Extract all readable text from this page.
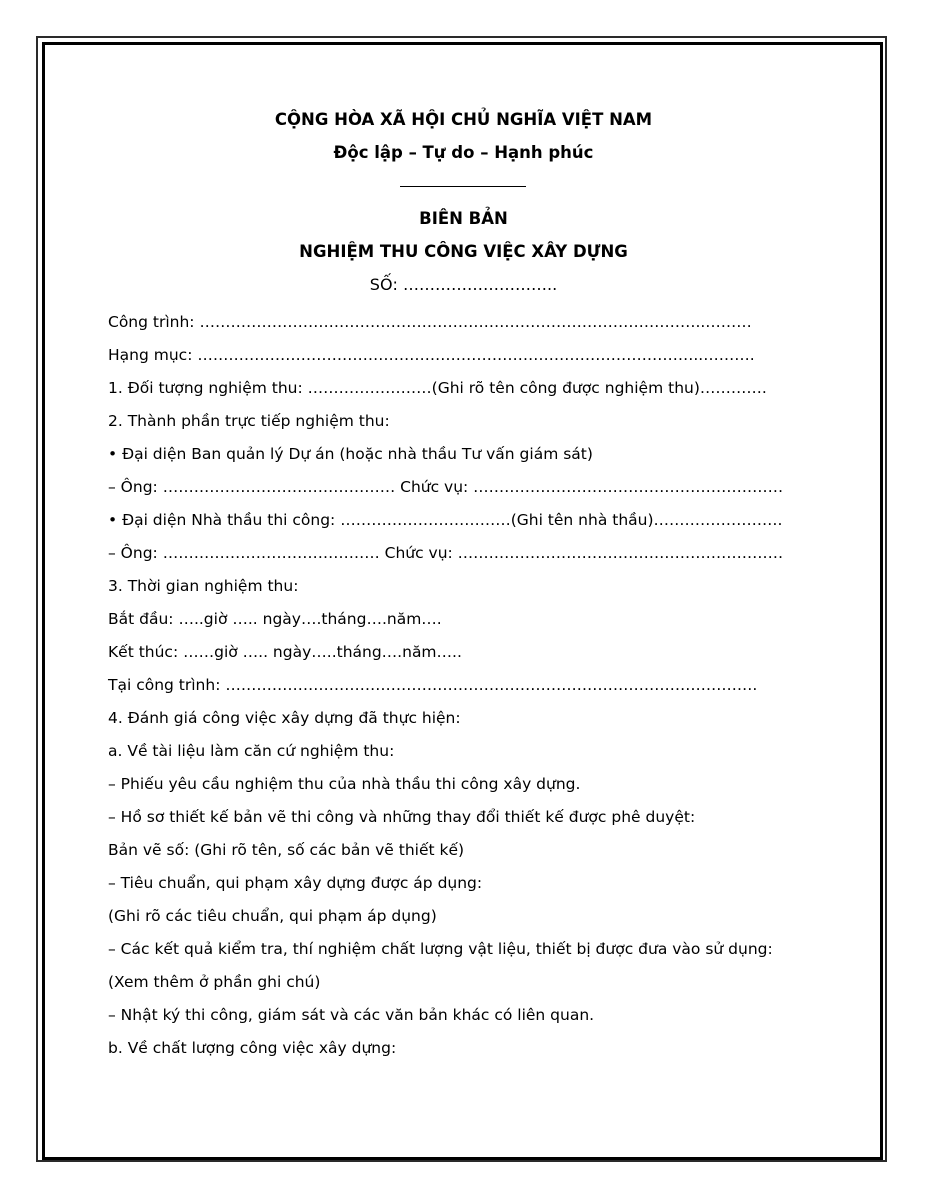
CỘNG HÒA XÃ HỘI CHỦ NGHĨA VIỆT NAM
Độc lập – Tự do – Hạnh phúc
BIÊN BẢN
NGHIỆM THU CÔNG VIỆC XÂY DỰNG
SỐ: ………………………..
Công trình: ……………………………………………………………………………………..………
Hạng mục: ……………………………………………………………………………………..……….
1. Đối tượng nghiệm thu: ……………………(Ghi rõ tên công được nghiệm thu)………….
2. Thành phần trực tiếp nghiệm thu:
• Đại diện Ban quản lý Dự án (hoặc nhà thầu Tư vấn giám sát)
– Ông: ……………………………………… Chức vụ: ……………………………………………………
• Đại diện Nhà thầu thi công: ……………………………(Ghi tên nhà thầu)…………………….
– Ông: …………………………………… Chức vụ: ………………………………………………………
3. Thời gian nghiệm thu:
Bắt đầu: …..giờ ….. ngày….tháng….năm….
Kết thúc: ……giờ ….. ngày…..tháng….năm…..
Tại công trình: ………………………………………………………………………………………….
4. Đánh giá công việc xây dựng đã thực hiện:
a. Về tài liệu làm căn cứ nghiệm thu:
– Phiếu yêu cầu nghiệm thu của nhà thầu thi công xây dựng.
– Hồ sơ thiết kế bản vẽ thi công và những thay đổi thiết kế được phê duyệt:
Bản vẽ số: (Ghi rõ tên, số các bản vẽ thiết kế)
– Tiêu chuẩn, qui phạm xây dựng được áp dụng:
(Ghi rõ các tiêu chuẩn, qui phạm áp dụng)
– Các kết quả kiểm tra, thí nghiệm chất lượng vật liệu, thiết bị được đưa vào sử dụng:
(Xem thêm ở phần ghi chú)
– Nhật ký thi công, giám sát và các văn bản khác có liên quan.
b. Về chất lượng công việc xây dựng:
